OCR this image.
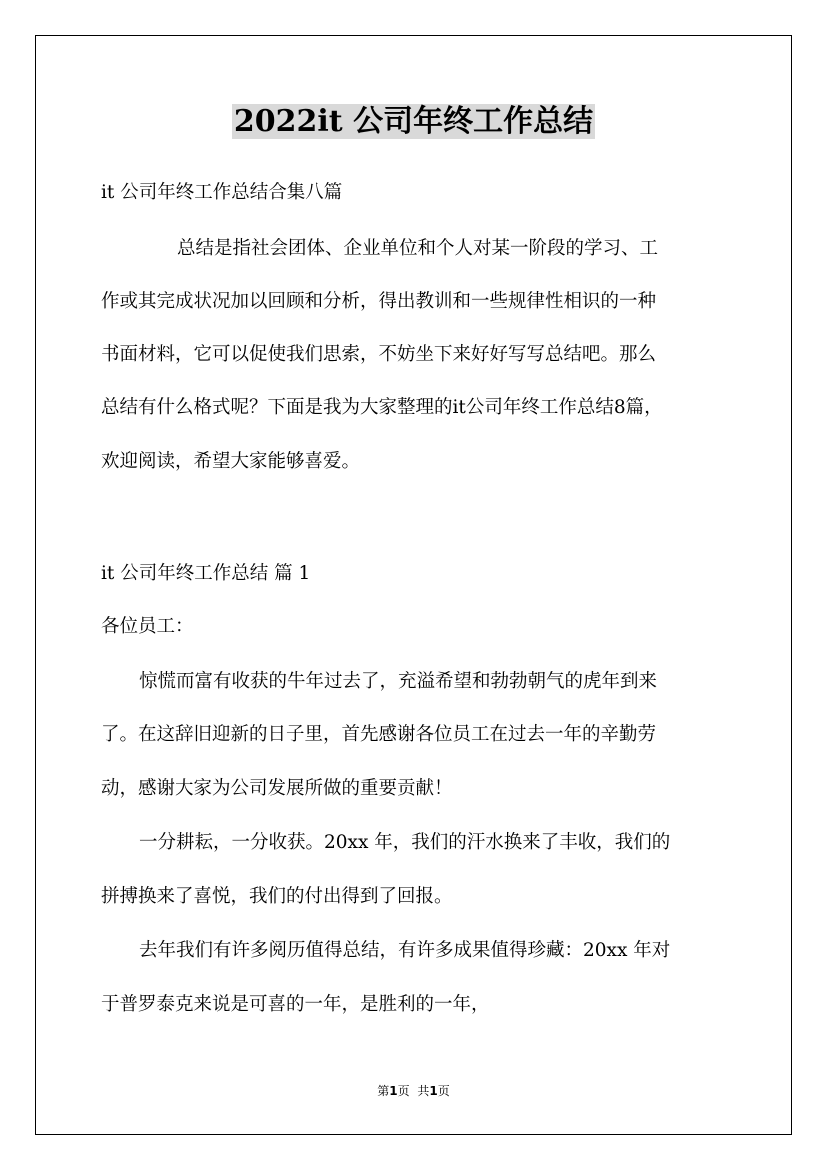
2022it 公司年终工作总结

it 公司年终工作总结合集八篇

总结是指社会团体、企业单位和个人对某一阶段的学习、工

作或其完成状况加以回顾和分析，得出教训和一些规律性相识的一种

书面材料，它可以促使我们思索，不妨坐下来好好写写总结吧。那么

总结有什么格式呢？下面是我为大家整理的it公司年终工作总结8篇，

欢迎阅读，希望大家能够喜爱。

it 公司年终工作总结 篇 1

各位员工：

惊慌而富有收获的牛年过去了，充溢希望和勃勃朝气的虎年到来

了。在这辞旧迎新的日子里，首先感谢各位员工在过去一年的辛勤劳

动，感谢大家为公司发展所做的重要贡献！

一分耕耘，一分收获。20xx 年，我们的汗水换来了丰收，我们的

拼搏换来了喜悦，我们的付出得到了回报。

去年我们有许多阅历值得总结，有许多成果值得珍藏：20xx 年对

于普罗泰克来说是可喜的一年，是胜利的一年，

第1页 共1页
